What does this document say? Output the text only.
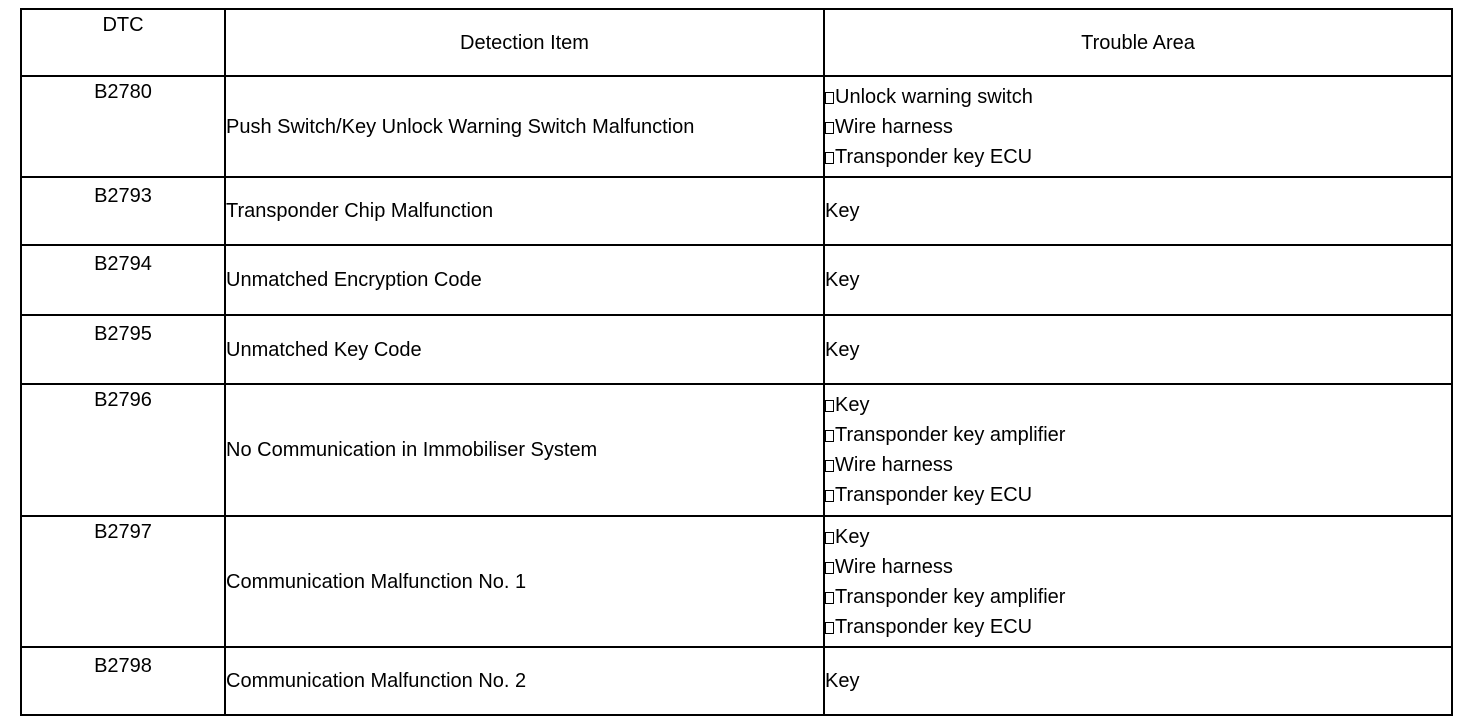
DTC	Detection Item	Trouble Area
B2780	Push Switch/Key Unlock Warning Switch Malfunction	Unlock warning switch
Wire harness
Transponder key ECU

B2793	Transponder Chip Malfunction	Key

B2794	Unmatched Encryption Code	Key

B2795	Unmatched Key Code	Key

B2796	No Communication in Immobiliser System	Key
Transponder key amplifier
Wire harness
Transponder key ECU

B2797	Communication Malfunction No. 1	Key
Wire harness
Transponder key amplifier
Transponder key ECU

B2798	Communication Malfunction No. 2	Key
